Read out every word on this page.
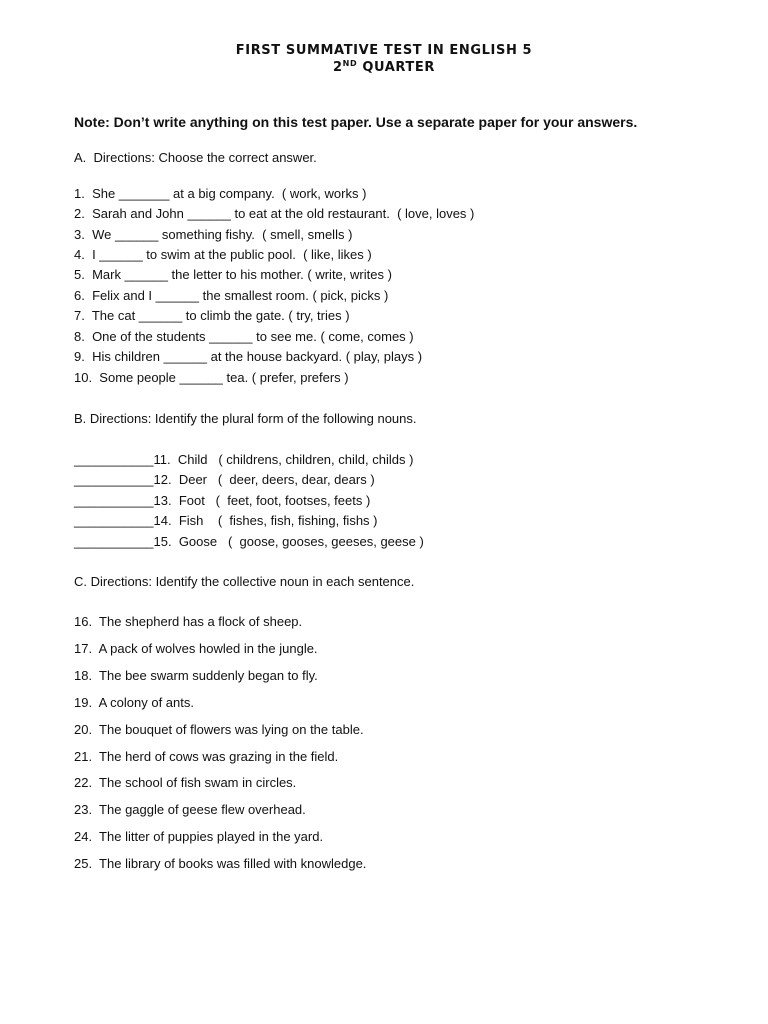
FIRST SUMMATIVE TEST IN ENGLISH 5
2ND QUARTER
Note: Don’t write anything on this test paper. Use a separate paper for your answers.
A.  Directions: Choose the correct answer.
1.  She _______ at a big company.  ( work, works )
2.  Sarah and John ______ to eat at the old restaurant.  ( love, loves )
3.  We ______ something fishy.  ( smell, smells )
4.  I ______ to swim at the public pool.  ( like, likes )
5.  Mark ______ the letter to his mother. ( write, writes )
6.  Felix and I ______ the smallest room. ( pick, picks )
7.  The cat ______ to climb the gate. ( try, tries )
8.  One of the students ______ to see me. ( come, comes )
9.  His children ______ at the house backyard. ( play, plays )
10.  Some people ______ tea. ( prefer, prefers )
B. Directions: Identify the plural form of the following nouns.
___________11.  Child   ( childrens, children, child, childs )
___________12.  Deer   (  deer, deers, dear, dears )
___________13.  Foot   (  feet, foot, footses, feets )
___________14.  Fish    (  fishes, fish, fishing, fishs )
___________15.  Goose   (  goose, gooses, geeses, geese )
C. Directions: Identify the collective noun in each sentence.
16.  The shepherd has a flock of sheep.
17.  A pack of wolves howled in the jungle.
18.  The bee swarm suddenly began to fly.
19.  A colony of ants.
20.  The bouquet of flowers was lying on the table.
21.  The herd of cows was grazing in the field.
22.  The school of fish swam in circles.
23.  The gaggle of geese flew overhead.
24.  The litter of puppies played in the yard.
25.  The library of books was filled with knowledge.
